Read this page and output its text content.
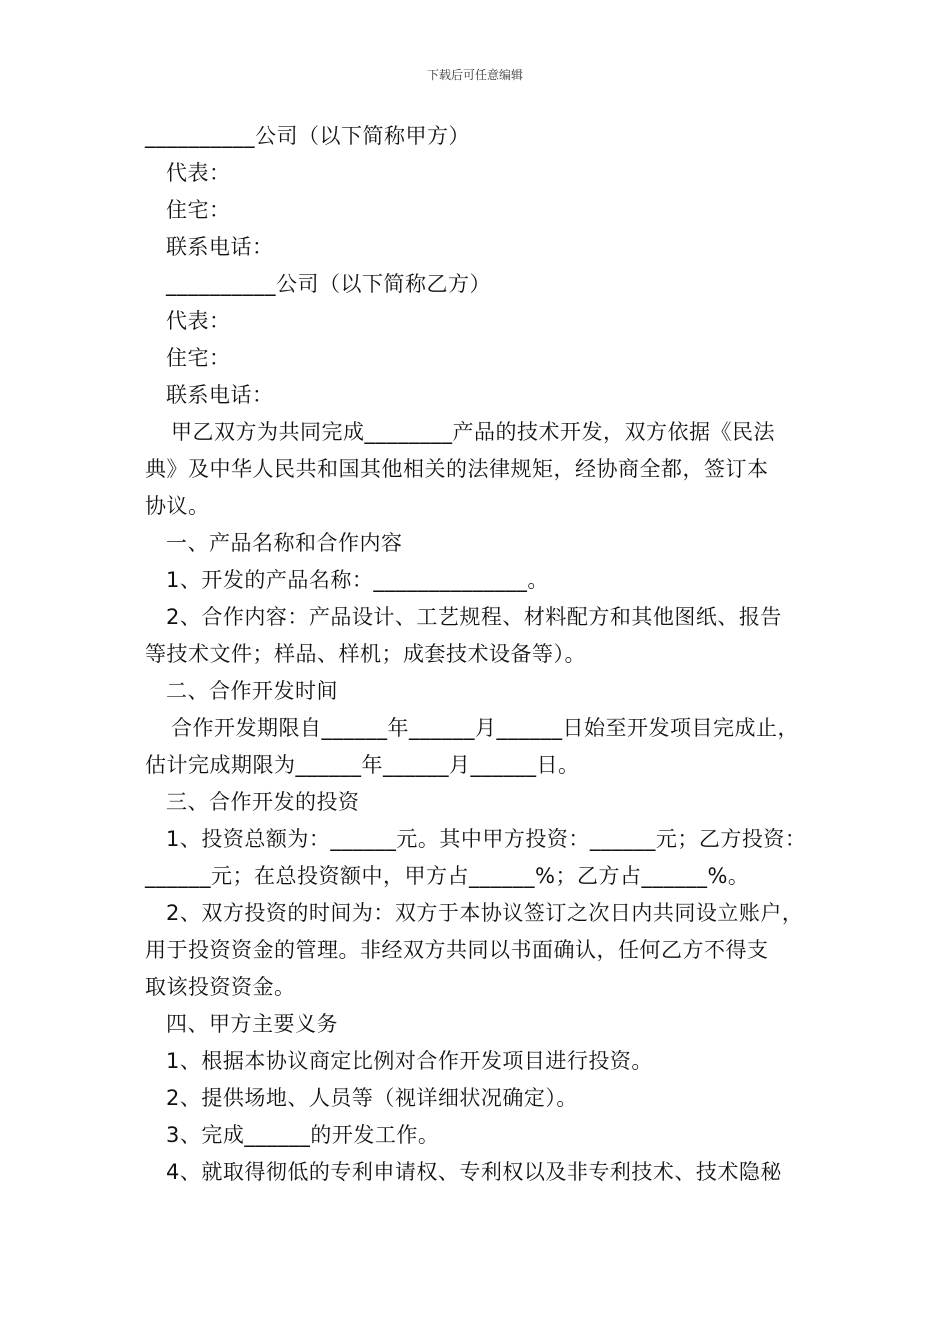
下载后可任意编辑
__________公司（以下简称甲方）
代表：
住宅：
联系电话：
__________公司（以下简称乙方）
代表：
住宅：
联系电话：
甲乙双方为共同完成________产品的技术开发，双方依据《民法
典》及中华人民共和国其他相关的法律规矩，经协商全都，签订本
协议。
一、产品名称和合作内容
1、开发的产品名称：______________。
2、合作内容：产品设计、工艺规程、材料配方和其他图纸、报告
等技术文件；样品、样机；成套技术设备等）。
二、合作开发时间
合作开发期限自______年______月______日始至开发项目完成止，
估计完成期限为______年______月______日。
三、合作开发的投资
1、投资总额为：______元。其中甲方投资：______元；乙方投资：
______元；在总投资额中，甲方占______%；乙方占______%。
2、双方投资的时间为：双方于本协议签订之次日内共同设立账户，
用于投资资金的管理。非经双方共同以书面确认，任何乙方不得支
取该投资资金。
四、甲方主要义务
1、根据本协议商定比例对合作开发项目进行投资。
2、提供场地、人员等（视详细状况确定）。
3、完成______的开发工作。
4、就取得彻低的专利申请权、专利权以及非专利技术、技术隐秘
